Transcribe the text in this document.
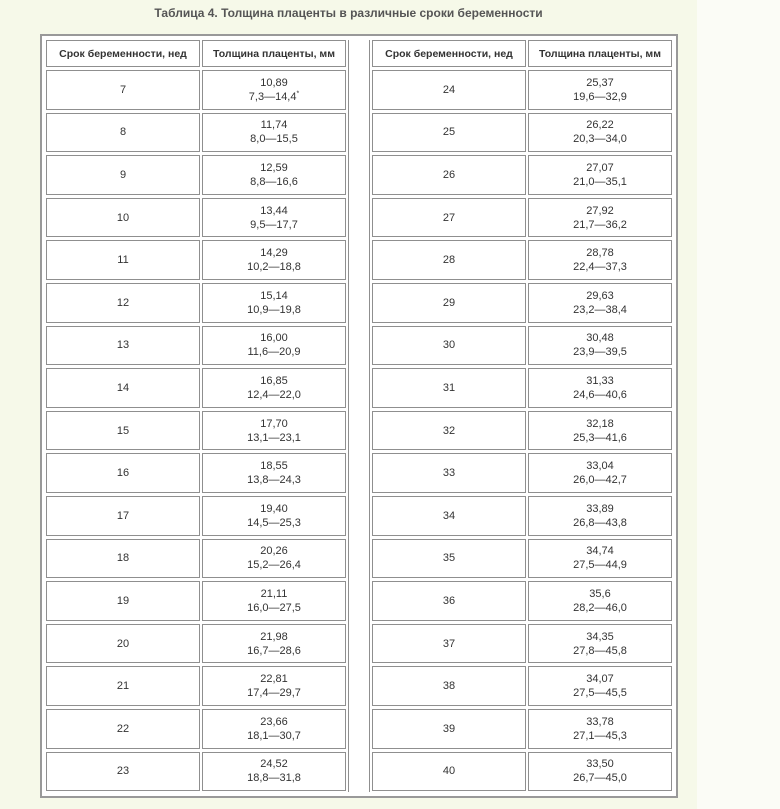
Таблица 4. Толщина плаценты в различные сроки беременности
Срок беременности, нед Толщина плаценты, мм	Срок беременности, нед Толщина плаценты, мм
7
10,89
7,3—14,4*
8
11,74
8,0—15,5
9
12,59
8,8—16,6
10
13,44
9,5—17,7
11
14,29
10,2—18,8
12
15,14
10,9—19,8
13
16,00
11,6—20,9
14
16,85
12,4—22,0
15
17,70
13,1—23,1
16
18,55
13,8—24,3
17
19,40
14,5—25,3
18
20,26
15,2—26,4
19
21,11
16,0—27,5
20
21,98
16,7—28,6
21
22,81
17,4—29,7
22
23,66
18,1—30,7
23
24,52
18,8—31,8
24
25,37
19,6—32,9
25
26,22
20,3—34,0
26
27,07
21,0—35,1
27
27,92
21,7—36,2
28
28,78
22,4—37,3
29
29,63
23,2—38,4
30
30,48
23,9—39,5
31
31,33
24,6—40,6
32
32,18
25,3—41,6
33
33,04
26,0—42,7
34
33,89
26,8—43,8
35
34,74
27,5—44,9
36
35,6
28,2—46,0
37
34,35
27,8—45,8
38
34,07
27,5—45,5
39
33,78
27,1—45,3
40
33,50
26,7—45,0
